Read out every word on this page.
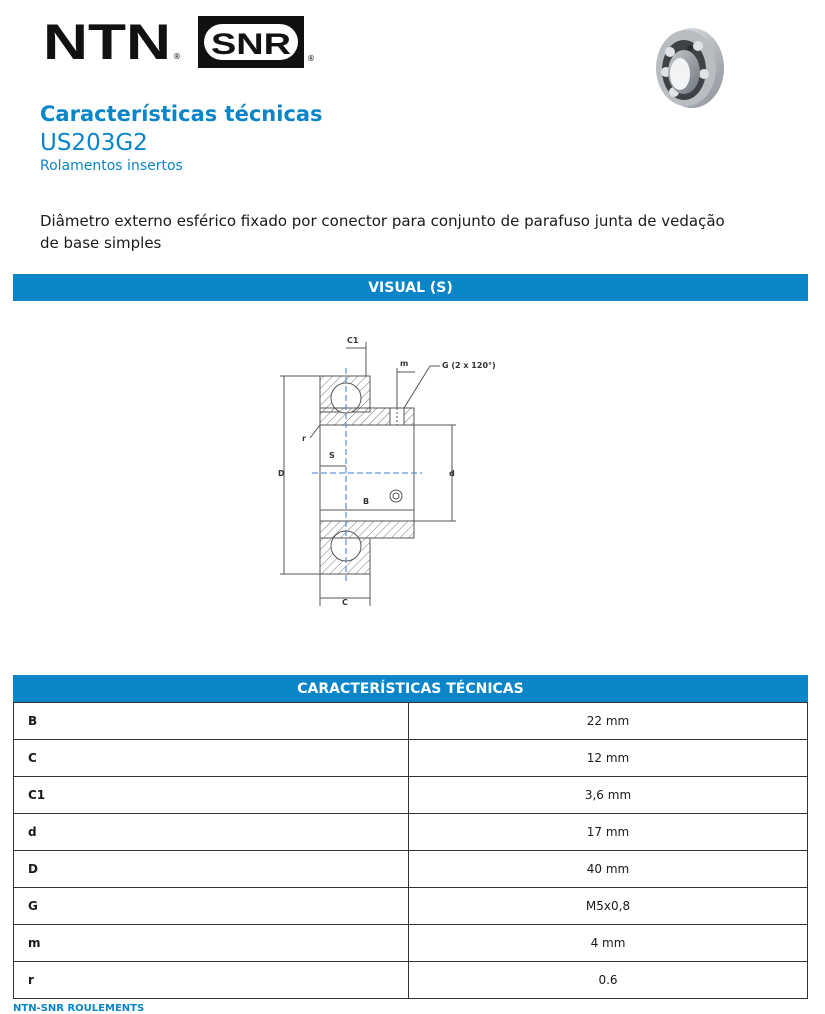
NTN ® SNR ®
Características técnicas
US203G2
Rolamentos insertos
Diâmetro externo esférico fixado por conector para conjunto de parafuso junta de vedação de base simples
VISUAL (S)
C1
m	G (2 x 120°)
r
S
D	d
B
C
CARACTERÍSTICAS TÉCNICAS
B	22 mm
C	12 mm
C1	3,6 mm
d	17 mm
D	40 mm
G	M5x0,8
m	4 mm
r	0.6
NTN-SNR ROULEMENTS
